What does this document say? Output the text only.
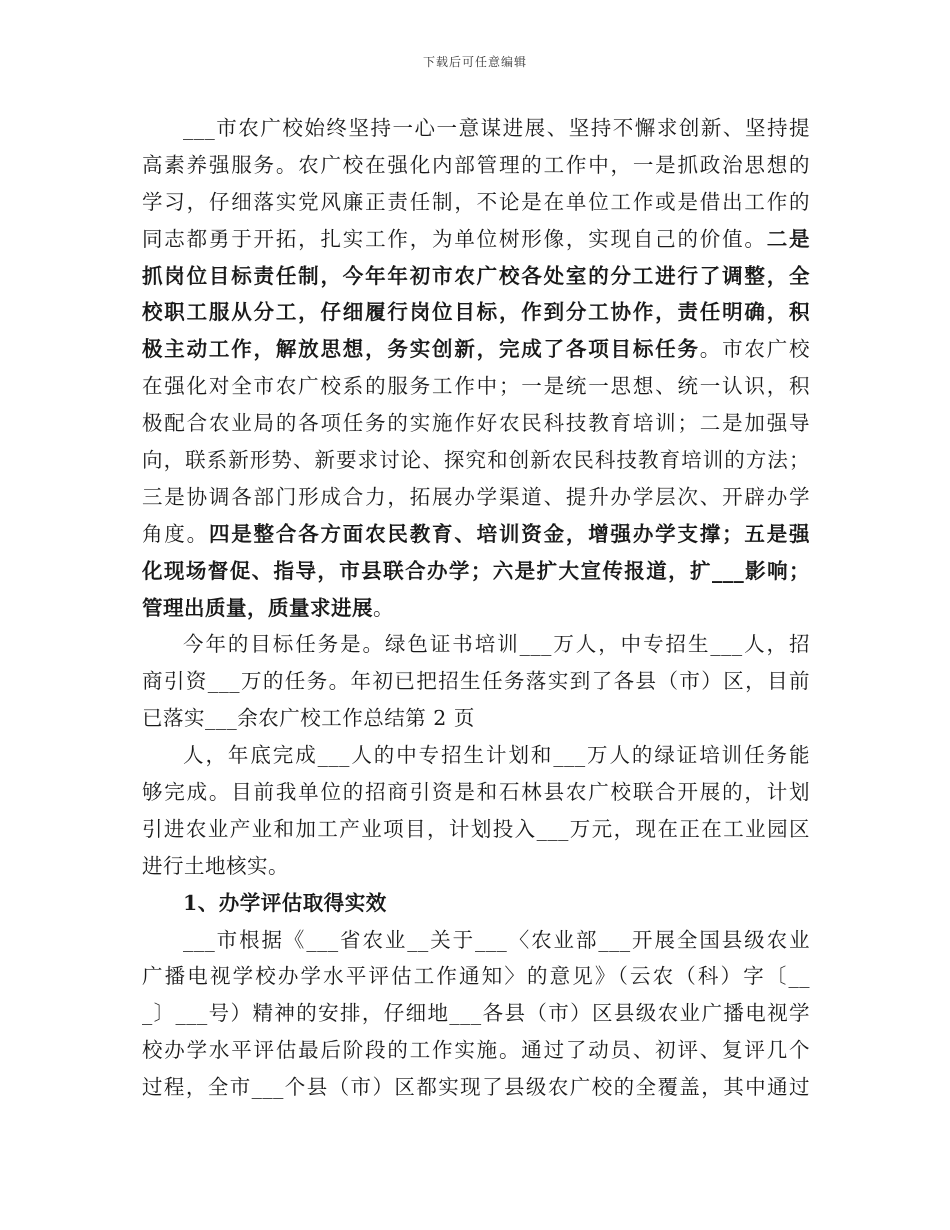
下载后可任意编辑
___市农广校始终坚持一心一意谋进展、坚持不懈求创新、坚持提
高素养强服务。农广校在强化内部管理的工作中，一是抓政治思想的
学习，仔细落实党风廉正责任制，不论是在单位工作或是借出工作的
同志都勇于开拓，扎实工作，为单位树形像，实现自己的价值。二是
抓岗位目标责任制，今年年初市农广校各处室的分工进行了调整，全
校职工服从分工，仔细履行岗位目标，作到分工协作，责任明确，积
极主动工作，解放思想，务实创新，完成了各项目标任务。市农广校
在强化对全市农广校系的服务工作中；一是统一思想、统一认识，积
极配合农业局的各项任务的实施作好农民科技教育培训；二是加强导
向，联系新形势、新要求讨论、探究和创新农民科技教育培训的方法；
三是协调各部门形成合力，拓展办学渠道、提升办学层次、开辟办学
角度。四是整合各方面农民教育、培训资金，增强办学支撑；五是强
化现场督促、指导，市县联合办学；六是扩大宣传报道，扩___影响；
管理出质量，质量求进展。
今年的目标任务是。绿色证书培训___万人，中专招生___人，招
商引资___万的任务。年初已把招生任务落实到了各县（市）区，目前
已落实___余农广校工作总结第 2 页
人，年底完成___人的中专招生计划和___万人的绿证培训任务能
够完成。目前我单位的招商引资是和石林县农广校联合开展的，计划
引进农业产业和加工产业项目，计划投入___万元，现在正在工业园区
进行土地核实。
1、办学评估取得实效
___市根据《___省农业__关于___〈农业部___开展全国县级农业
广播电视学校办学水平评估工作通知〉的意见》（云农（科）字〔__
_〕___号）精神的安排，仔细地___各县（市）区县级农业广播电视学
校办学水平评估最后阶段的工作实施。通过了动员、初评、复评几个
过程，全市___个县（市）区都实现了县级农广校的全覆盖，其中通过
